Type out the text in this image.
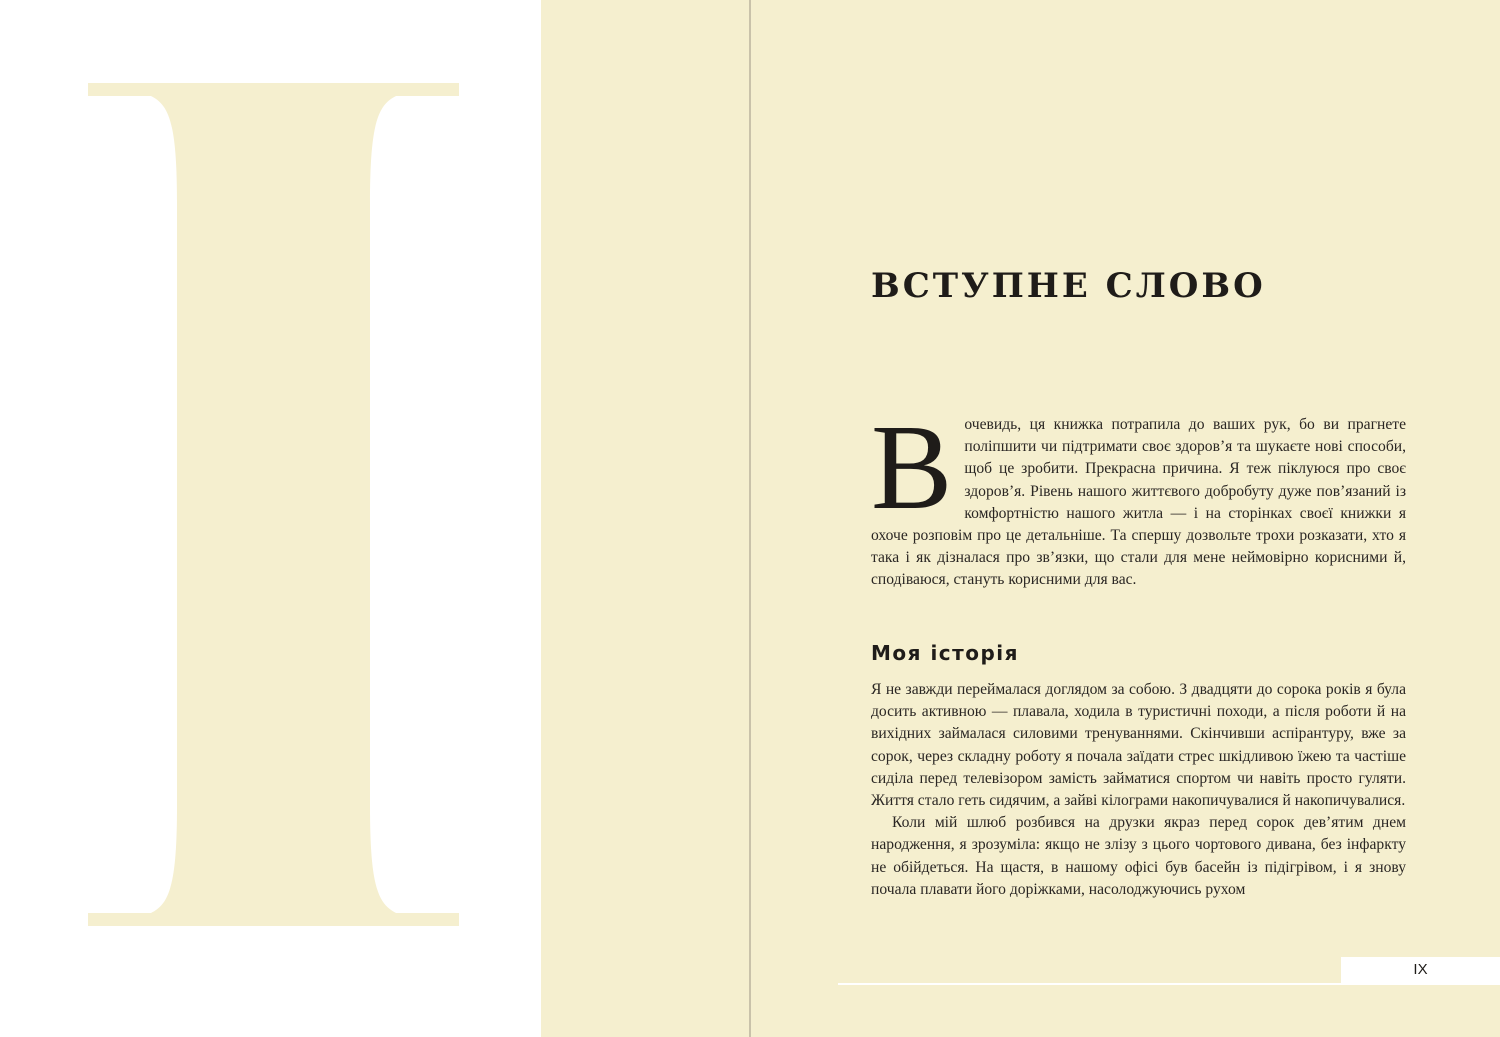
ВСТУПНЕ СЛОВО
В очевидь, ця книжка потрапила до ваших рук, бо ви прагнете поліпшити чи підтримати своє здоров’я та шукаєте нові способи, щоб це зробити. Прекрасна причина. Я теж піклуюся про своє здоров’я. Рівень нашого життєвого добробуту дуже пов’язаний із комфортністю нашого житла — і на сторінках своєї книжки я охоче розповім про це детальніше. Та спершу дозвольте трохи розказати, хто я така і як дізналася про зв’язки, що стали для мене неймовірно корисними й, сподіваюся, стануть корисними для вас.
Моя історія

Я не завжди переймалася доглядом за собою. З двадцяти до сорока років я була досить активною — плавала, ходила в туристичні походи, а після роботи й на вихідних займалася силовими тренуваннями. Скінчивши аспірантуру, вже за сорок, через складну роботу я почала заїдати стрес шкідливою їжею та частіше сиділа перед телевізором замість займатися спортом чи навіть просто гуляти. Життя стало геть сидячим, а зайві кілограми накопичувалися й накопичувалися.

Коли мій шлюб розбився на друзки якраз перед сорок дев’ятим днем народження, я зрозуміла: якщо не злізу з цього чортового дивана, без інфаркту не обійдеться. На щастя, в нашому офісі був басейн із підігрівом, і я знову почала плавати його доріжками, насолоджуючись рухом

IX
